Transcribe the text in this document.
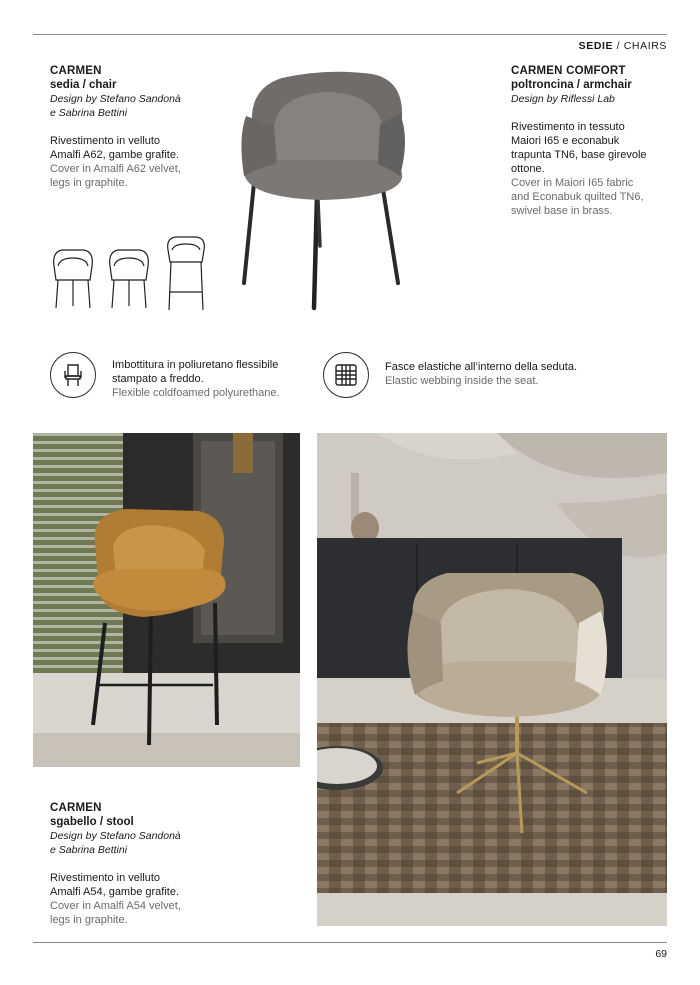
SEDIE / CHAIRS
CARMEN
sedia / chair
Design by Stefano Sandonà
e Sabrina Bettini
Rivestimento in velluto
Amalfi A62, gambe grafite.
Cover in Amalfi A62 velvet,
legs in graphite.
CARMEN COMFORT
poltroncina / armchair
Design by Riflessi Lab
Rivestimento in tessuto
Maiori I65 e econabuk
trapunta TN6, base girevole
ottone.
Cover in Maiori I65 fabric
and Econabuk quilted TN6,
swivel base in brass.
Imbottitura in poliuretano flessibile
stampato a freddo.
Flexible coldfoamed polyurethane.
Fasce elastiche all’interno della seduta.
Elastic webbing inside the seat.
CARMEN
sgabello / stool
Design by Stefano Sandonà
e Sabrina Bettini
Rivestimento in velluto
Amalfi A54, gambe grafite.
Cover in Amalfi A54 velvet,
legs in graphite.
69
